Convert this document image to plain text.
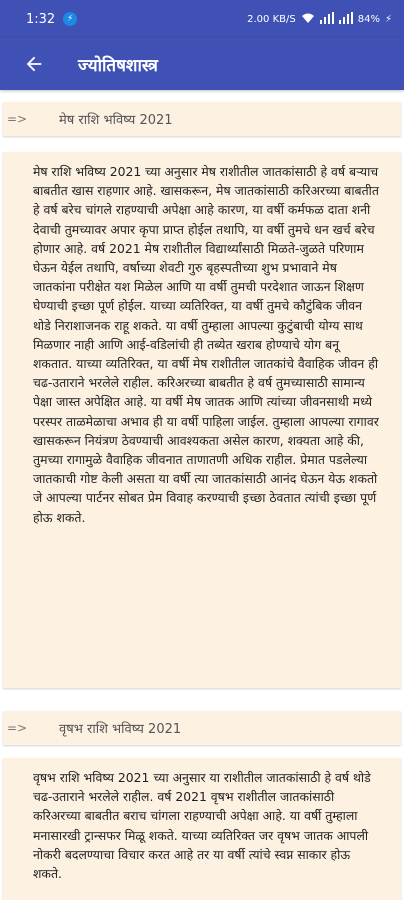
1:32	⚡	2.00 KB/S	84% ⚡
ज्योतिषशास्त्र
=>	मेष राशि भविष्य 2021
मेष राशि भविष्य 2021 च्या अनुसार मेष राशीतील जातकांसाठी हे वर्ष बऱ्याच बाबतीत खास राहणार आहे. खासकरून, मेष जातकांसाठी करिअरच्या बाबतीत हे वर्ष बरेच चांगले राहण्याची अपेक्षा आहे कारण, या वर्षी कर्मफळ दाता शनी देवाची तुमच्यावर अपार कृपा प्राप्त होईल तथापि, या वर्षी तुमचे धन खर्च बरेच होणार आहे. वर्ष 2021 मेष राशीतील विद्यार्थ्यांसाठी मिळते-जुळते परिणाम घेऊन येईल तथापि, वर्षाच्या शेवटी गुरु बृहस्पतीच्या शुभ प्रभावाने मेष जातकांना परीक्षेत यश मिळेल आणि या वर्षी तुमची परदेशात जाऊन शिक्षण घेण्याची इच्छा पूर्ण होईल. याच्या व्यतिरिक्त, या वर्षी तुमचे कौटुंबिक जीवन थोडे निराशाजनक राहू शकते. या वर्षी तुम्हाला आपल्या कुटुंबाची योग्य साथ मिळणार नाही आणि आई-वडिलांची ही तब्येत खराब होण्याचे योग बनू शकतात. याच्या व्यतिरिक्त, या वर्षी मेष राशीतील जातकांचे वैवाहिक जीवन ही चढ-उताराने भरलेले राहील. करिअरच्या बाबतीत हे वर्ष तुमच्यासाठी सामान्य पेक्षा जास्त अपेक्षित आहे. या वर्षी मेष जातक आणि त्यांच्या जीवनसाथी मध्ये परस्पर ताळमेळाचा अभाव ही या वर्षी पाहिला जाईल. तुम्हाला आपल्या रागावर खासकरून नियंत्रण ठेवण्याची आवश्यकता असेल कारण, शक्यता आहे की, तुमच्या रागामुळे वैवाहिक जीवनात ताणातणी अधिक राहील. प्रेमात पडलेल्या जातकाची गोष्ट केली असता या वर्षी त्या जातकांसाठी आनंद घेऊन येऊ शकतो जे आपल्या पार्टनर सोबत प्रेम विवाह करण्याची इच्छा ठेवतात त्यांची इच्छा पूर्ण होऊ शकते.
=>	वृषभ राशि भविष्य 2021
वृषभ राशि भविष्य 2021 च्या अनुसार या राशीतील जातकांसाठी हे वर्ष थोडे चढ-उताराने भरलेले राहील. वर्ष 2021 वृषभ राशीतील जातकांसाठी करिअरच्या बाबतीत बराच चांगला राहण्याची अपेक्षा आहे. या वर्षी तुम्हाला मनासारखी ट्रान्सफर मिळू शकते. याच्या व्यतिरिक्त जर वृषभ जातक आपली नोकरी बदलण्याचा विचार करत आहे तर या वर्षी त्यांचे स्वप्न साकार होऊ शकते.
